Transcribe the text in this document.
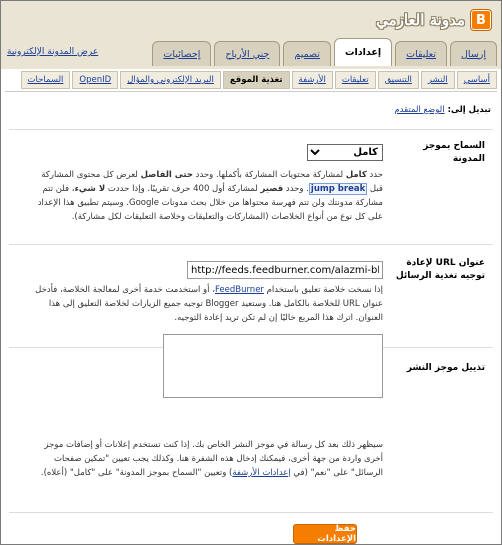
B
مدونة العازمي
عرض المدونة الإلكترونية	إرسال
تعليقات
إعدادات
تصميم
جني الأرباح
إحصائيات
أساسي
النشر
التنسيق
تعليقات
الأرشفة
تغذية الموقع
البريد الإلكتروني والمؤال
OpenID
السماحات
تبديل إلى: الوضع المتقدم
السماح بموجز المدونة
كامل
حدد كامل لمشاركة محتويات المشاركة بأكملها. وحدد حتى الفاصل لعرض كل محتوى المشاركة قبل jump break. وحدد قصير لمشاركة أول 400 حرف تقريبًا. وإذا حددت لا شيء، فلن تتم مشاركة مدونتك ولن تتم فهرسة محتواها من خلال بحث مدونات Google. وسيتم تطبيق هذا الإعداد على كل نوع من أنواع الخلاصات (المشاركات والتعليقات وخلاصة التعليقات لكل مشاركة).
عنوان URL لإعادة توجيه تغذية الرسائل
http://feeds.feedburner.com/alazmi-blog
إذا نسخت خلاصة تعليق باستخدام FeedBurner، أو استخدمت خدمة أخرى لمعالجة الخلاصة، فأدخل عنوان URL للخلاصة بالكامل هنا. وستعيد Blogger توجيه جميع الزيارات لخلاصة التعليق إلى هذا العنوان. اترك هذا المربع خاليًا إن لم تكن تريد إعادة التوجيه.
تذييل موجز النشر
سيظهر ذلك بعد كل رسالة في موجز النشر الخاص بك. إذا كنت تستخدم إعلانات أو إضافات موجز أخرى واردة من جهة أخرى، فيمكنك إدخال هذه الشفرة هنا. وكذلك يجب تعيين "تمكين صفحات الرسائل" على "نعم" (في إعدادات الأرشفة) وتعيين "السماح بموجز المدونة" على "كامل" (أعلاه).
حفظ الإعدادات
